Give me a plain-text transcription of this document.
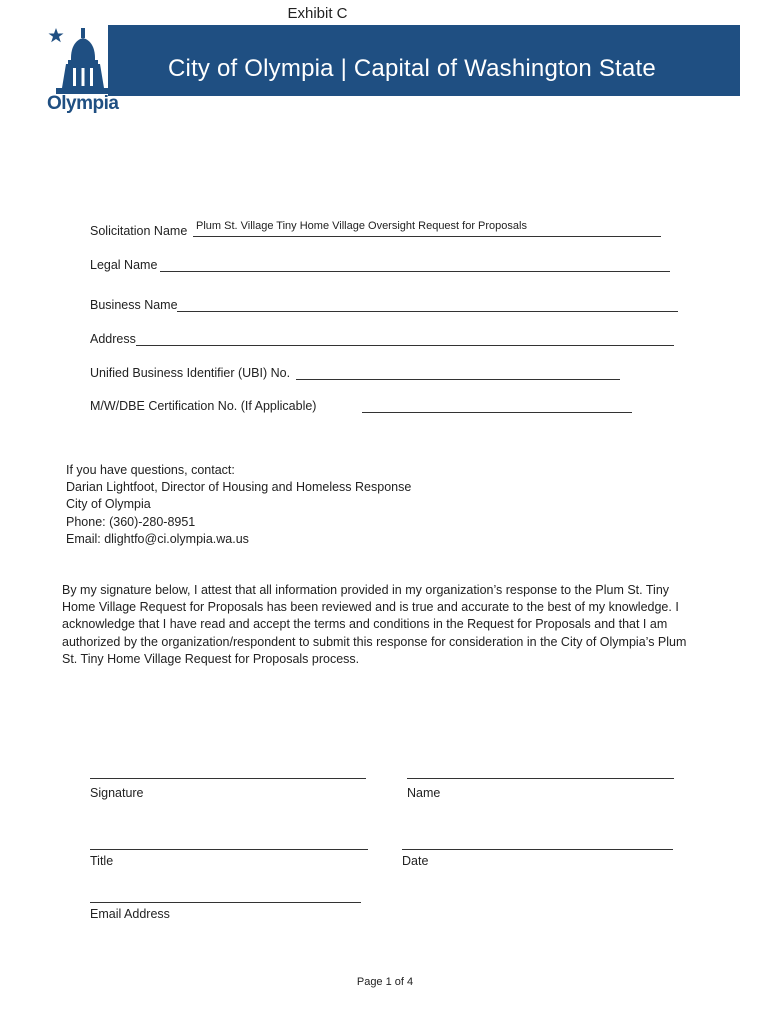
Exhibit C
City of Olympia | Capital of Washington State
Olympia
Solicitation Name Plum St. Village Tiny Home Village Oversight Request for Proposals
Legal Name
Business Name
Address
Unified Business Identifier (UBI) No.
M/W/DBE Certification No. (If Applicable)
If you have questions, contact:
Darian Lightfoot, Director of Housing and Homeless Response
City of Olympia
Phone: (360)-280-8951
Email: dlightfo@ci.olympia.wa.us
By my signature below, I attest that all information provided in my organization’s response to the Plum St. Tiny
Home Village Request for Proposals has been reviewed and is true and accurate to the best of my knowledge. I
acknowledge that I have read and accept the terms and conditions in the Request for Proposals and that I am
authorized by the organization/respondent to submit this response for consideration in the City of Olympia’s Plum
St. Tiny Home Village Request for Proposals process.
Signature	Name
Title	Date
Email Address
Page 1 of 4
